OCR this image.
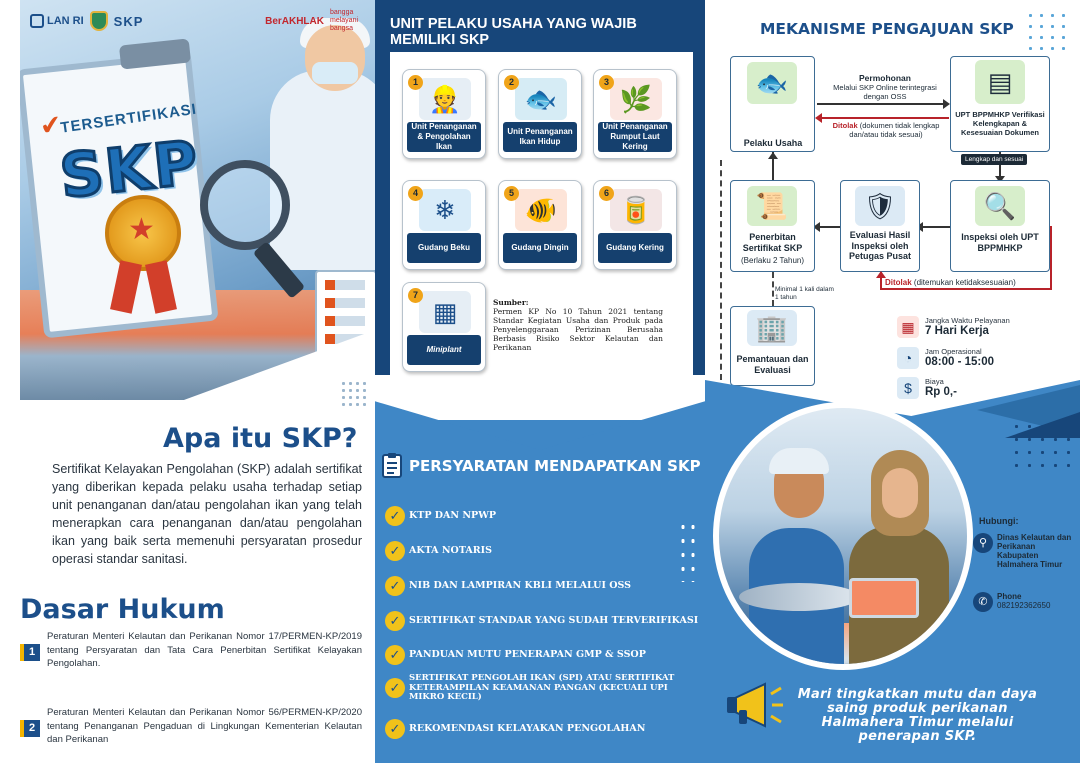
✔
TERSERTIFIKASI
★
SKP
LAN RI SKP	BerAKHLAK
bangga melayani bangsa
Apa itu SKP?
Sertifikat Kelayakan Pengolahan (SKP) adalah sertifikat yang diberikan kepada pelaku usaha terhadap setiap unit penanganan dan/atau pengolahan ikan yang telah menerapkan cara penanganan dan/atau pengolahan ikan yang baik serta memenuhi persyaratan prosedur operasi standar sanitasi.
Dasar Hukum
1
Peraturan Menteri Kelautan dan Perikanan Nomor 17/PERMEN-KP/2019 tentang Persyaratan dan Tata Cara Penerbitan Sertifikat Kelayakan Pengolahan.
2
Peraturan Menteri Kelautan dan Perikanan Nomor 56/PERMEN-KP/2020 tentang Penanganan Pengaduan di Lingkungan Kementerian Kelautan dan Perikanan
UNIT PELAKU USAHA YANG WAJIB MEMILIKI SKP
1
👷
Unit Penanganan & Pengolahan Ikan
2
🐟
Unit Penanganan Ikan Hidup
3
🌿
Unit Penanganan Rumput Laut Kering
4
❄
Gudang Beku
5
🐠
Gudang Dingin
6
🥫
Gudang Kering
7
▦
Miniplant
Sumber:
Permen KP No 10 Tahun 2021 tentang Standar Kegiatan Usaha dan Produk pada Penyelenggaraan Perizinan Berusaha Berbasis Risiko Sektor Kelautan dan Perikanan
PERSYARATAN MENDAPATKAN SKP
✓ KTP DAN NPWP
✓ AKTA NOTARIS
✓ NIB DAN LAMPIRAN KBLI MELALUI OSS
✓ SERTIFIKAT STANDAR YANG SUDAH TERVERIFIKASI
✓ PANDUAN MUTU PENERAPAN GMP & SSOP
✓
SERTIFIKAT PENGOLAH IKAN (SPI) ATAU SERTIFIKAT KETERAMPILAN KEAMANAN PANGAN (KECUALI UPI MIKRO KECIL)
✓ REKOMENDASI KELAYAKAN PENGOLAHAN
MEKANISME PENGAJUAN SKP
🐟
Pelaku Usaha
Permohonan
Melalui SKP Online terintegrasi dengan OSS
Ditolak (dokumen tidak lengkap dan/atau tidak sesuai)
▤
UPT BPPMHKP Verifikasi Kelengkapan & Kesesuaian Dokumen
Lengkap dan sesuai
🔍
Inspeksi oleh UPT BPPMHKP
🛡
Evaluasi Hasil Inspeksi oleh Petugas Pusat
📜
Penerbitan Sertifikat SKP
(Berlaku 2 Tahun)
Ditolak (ditemukan ketidaksesuaian)
Minimal 1 kali dalam 1 tahun
🏢
Pemantauan dan Evaluasi
▦	Jangka Waktu Pelayanan
7 Hari Kerja
◔	Jam Operasional
08:00 - 15:00
$	Biaya
Rp 0,-
Hubungi:
⚲	Dinas Kelautan dan Perikanan Kabupaten Halmahera Timur
✆	Phone
082192362650
Mari tingkatkan mutu dan daya saing produk perikanan Halmahera Timur melalui penerapan SKP.
